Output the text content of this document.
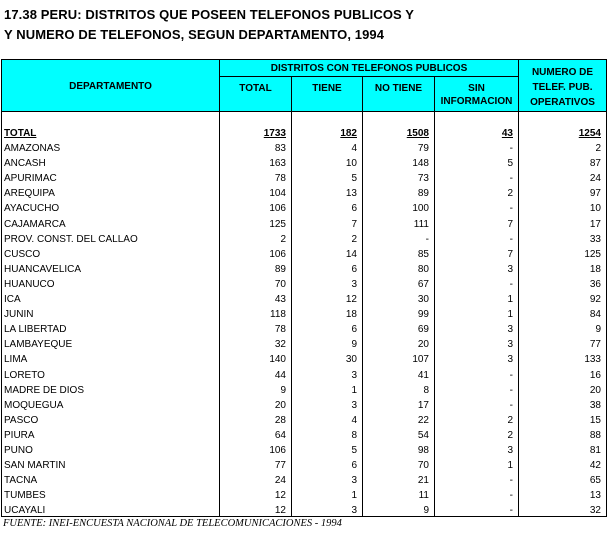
17.38 PERU: DISTRITOS QUE POSEEN TELEFONOS PUBLICOS Y
Y NUMERO DE TELEFONOS, SEGUN DEPARTAMENTO, 1994
DEPARTAMENTO
DISTRITOS CON TELEFONOS PUBLICOS
TOTAL	TIENE	NO TIENE	SIN
INFORMACION
NUMERO DE
TELEF. PUB.
OPERATIVOS
TOTAL	1733	182	1508	43	1254
AMAZONAS	83	4	79	-	2
ANCASH	163	10	148	5	87
APURIMAC	78	5	73	-	24
AREQUIPA	104	13	89	2	97
AYACUCHO	106	6	100	-	10
CAJAMARCA	125	7	111	7	17
PROV. CONST. DEL CALLAO	2	2	-	-	33
CUSCO	106	14	85	7	125
HUANCAVELICA	89	6	80	3	18
HUANUCO	70	3	67	-	36
ICA	43	12	30	1	92
JUNIN	118	18	99	1	84
LA LIBERTAD	78	6	69	3	9
LAMBAYEQUE	32	9	20	3	77
LIMA	140	30	107	3	133
LORETO	44	3	41	-	16
MADRE DE DIOS	9	1	8	-	20
MOQUEGUA	20	3	17	-	38
PASCO	28	4	22	2	15
PIURA	64	8	54	2	88
PUNO	106	5	98	3	81
SAN MARTIN	77	6	70	1	42
TACNA	24	3	21	-	65
TUMBES	12	1	11	-	13
UCAYALI	12	3	9	-	32
FUENTE: INEI-ENCUESTA NACIONAL DE TELECOMUNICACIONES - 1994
